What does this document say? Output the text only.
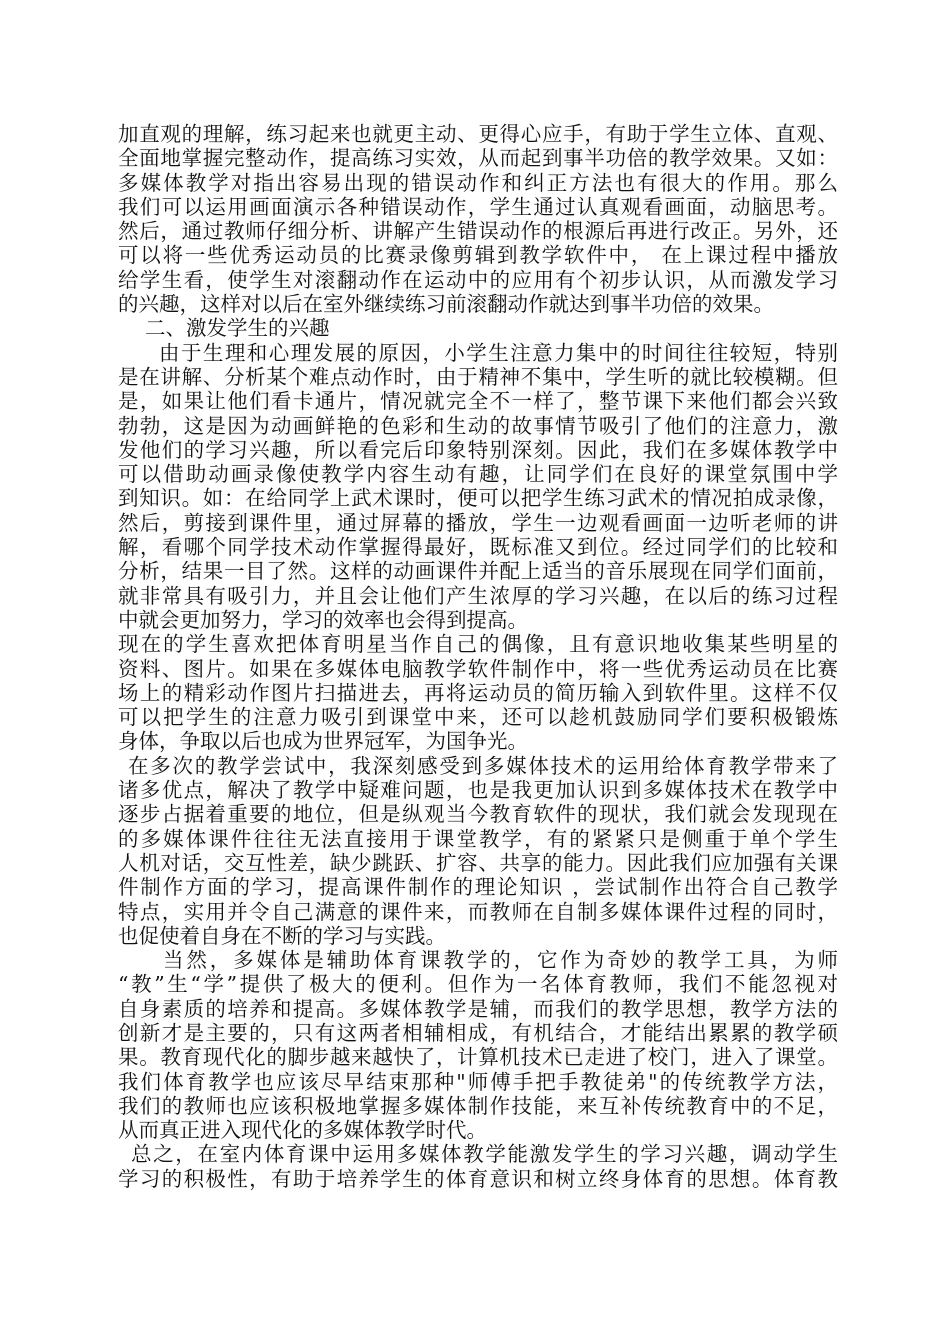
加直观的理解，练习起来也就更主动、更得心应手，有助于学生立体、直观、
全面地掌握完整动作，提高练习实效，从而起到事半功倍的教学效果。又如：
多媒体教学对指出容易出现的错误动作和纠正方法也有很大的作用。那么
我们可以运用画面演示各种错误动作，学生通过认真观看画面，动脑思考。
然后，通过教师仔细分析、讲解产生错误动作的根源后再进行改正。另外，还
可以将一些优秀运动员的比赛录像剪辑到教学软件中， 在上课过程中播放
给学生看，使学生对滚翻动作在运动中的应用有个初步认识，从而激发学习
的兴趣，这样对以后在室外继续练习前滚翻动作就达到事半功倍的效果。
二、激发学生的兴趣
由于生理和心理发展的原因，小学生注意力集中的时间往往较短，特别
是在讲解、分析某个难点动作时，由于精神不集中，学生听的就比较模糊。但
是，如果让他们看卡通片，情况就完全不一样了，整节课下来他们都会兴致
勃勃，这是因为动画鲜艳的色彩和生动的故事情节吸引了他们的注意力，激
发他们的学习兴趣，所以看完后印象特别深刻。因此，我们在多媒体教学中
可以借助动画录像使教学内容生动有趣，让同学们在良好的课堂氛围中学
到知识。如：在给同学上武术课时，便可以把学生练习武术的情况拍成录像，
然后，剪接到课件里，通过屏幕的播放，学生一边观看画面一边听老师的讲
解，看哪个同学技术动作掌握得最好，既标准又到位。经过同学们的比较和
分析，结果一目了然。这样的动画课件并配上适当的音乐展现在同学们面前，
就非常具有吸引力，并且会让他们产生浓厚的学习兴趣，在以后的练习过程
中就会更加努力，学习的效率也会得到提高。
现在的学生喜欢把体育明星当作自己的偶像，且有意识地收集某些明星的
资料、图片。如果在多媒体电脑教学软件制作中，将一些优秀运动员在比赛
场上的精彩动作图片扫描进去，再将运动员的简历输入到软件里。这样不仅
可以把学生的注意力吸引到课堂中来，还可以趁机鼓励同学们要积极锻炼
身体，争取以后也成为世界冠军，为国争光。
在多次的教学尝试中，我深刻感受到多媒体技术的运用给体育教学带来了
诸多优点，解决了教学中疑难问题，也是我更加认识到多媒体技术在教学中
逐步占据着重要的地位，但是纵观当今教育软件的现状，我们就会发现现在
的多媒体课件往往无法直接用于课堂教学，有的紧紧只是侧重于单个学生
人机对话，交互性差，缺少跳跃、扩容、共享的能力。因此我们应加强有关课
件制作方面的学习，提高课件制作的理论知识 ，尝试制作出符合自己教学
特点，实用并令自己满意的课件来，而教师在自制多媒体课件过程的同时，
也促使着自身在不断的学习与实践。
当然，多媒体是辅助体育课教学的，它作为奇妙的教学工具，为师
“教”生“学”提供了极大的便利。但作为一名体育教师，我们不能忽视对
自身素质的培养和提高。多媒体教学是辅，而我们的教学思想，教学方法的
创新才是主要的，只有这两者相辅相成，有机结合，才能结出累累的教学硕
果。教育现代化的脚步越来越快了，计算机技术已走进了校门，进入了课堂。
我们体育教学也应该尽早结束那种"师傅手把手教徒弟"的传统教学方法，
我们的教师也应该积极地掌握多媒体制作技能，来互补传统教育中的不足，
从而真正进入现代化的多媒体教学时代。
总之，在室内体育课中运用多媒体教学能激发学生的学习兴趣，调动学生
学习的积极性，有助于培养学生的体育意识和树立终身体育的思想。体育教
